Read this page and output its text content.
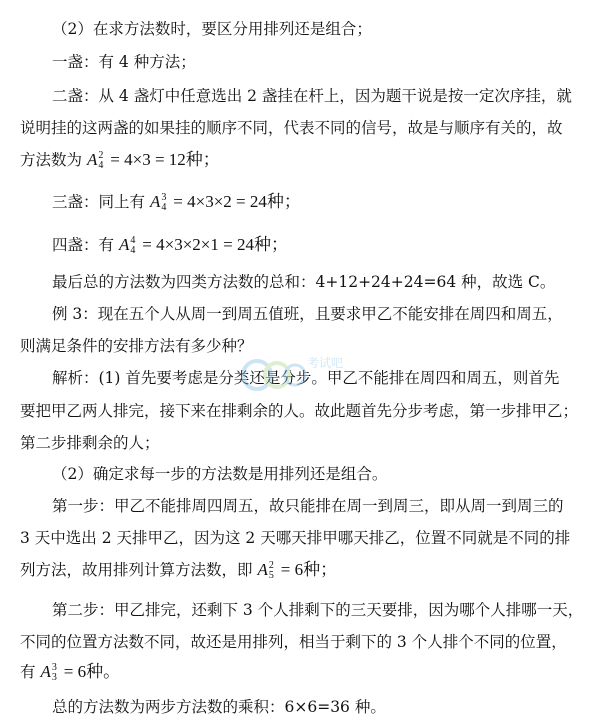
（2）在求方法数时，要区分用排列还是组合；
一盏：有 4 种方法；
二盏：从 4 盏灯中任意选出 2 盏挂在杆上，因为题干说是按一定次序挂，就
说明挂的这两盏的如果挂的顺序不同，代表不同的信号，故是与顺序有关的，故
方法数为 A 2
4 = 4×3 = 12种；
三盏：同上有 A 3
4 = 4×3×2 = 24种；
四盏：有 A 4
4 = 4×3×2×1 = 24种；
最后总的方法数为四类方法数的总和：4+12+24+24=64 种，故选 C。
例 3：现在五个人从周一到周五值班，且要求甲乙不能安排在周四和周五，
则满足条件的安排方法有多少种？
解析：(1) 首先要考虑是分类还是分步。甲乙不能排在周四和周五，则首先
要把甲乙两人排完，接下来在排剩余的人。故此题首先分步考虑，第一步排甲乙；
第二步排剩余的人；
（2）确定求每一步的方法数是用排列还是组合。
第一步：甲乙不能排周四周五，故只能排在周一到周三，即从周一到周三的
3 天中选出 2 天排甲乙，因为这 2 天哪天排甲哪天排乙，位置不同就是不同的排
列方法，故用排列计算方法数，即 A 2
5 = 6种；
第二步：甲乙排完，还剩下 3 个人排剩下的三天要排，因为哪个人排哪一天，
不同的位置方法数不同，故还是用排列，相当于剩下的 3 个人排个不同的位置，
有 A 3
3 = 6种。
总的方法数为两步方法数的乘积：6×6=36 种。
考试吧
